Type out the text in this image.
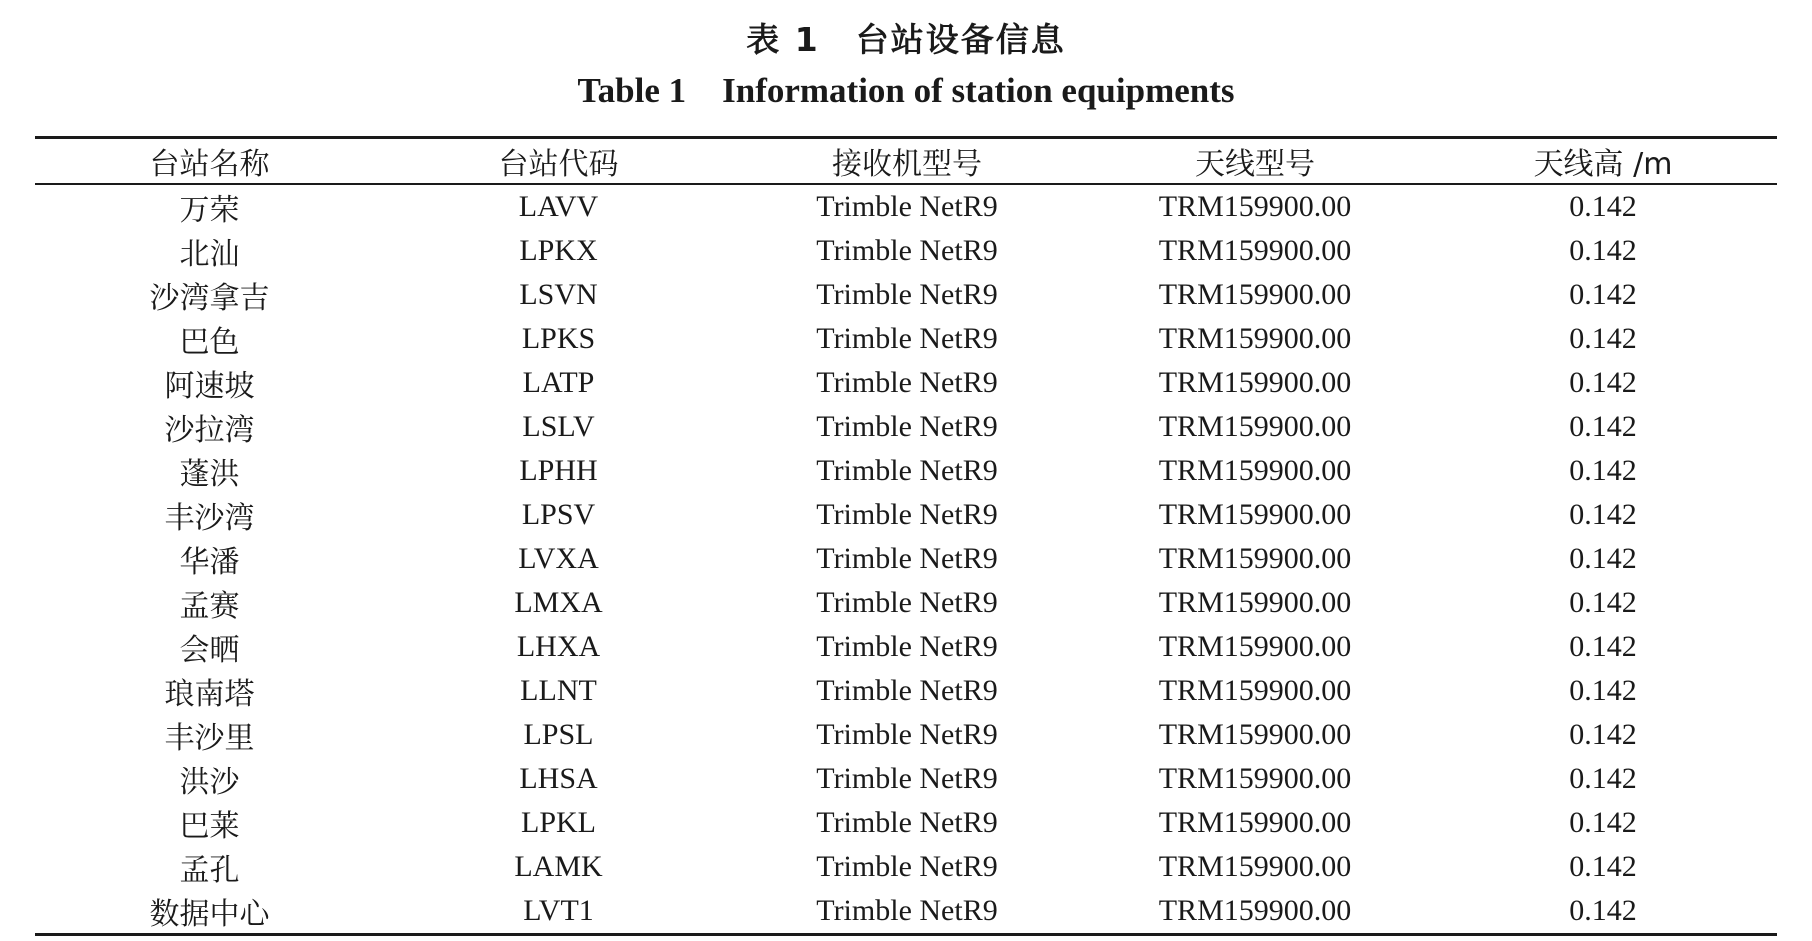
表 1 台站设备信息
Table 1 Information of station equipments
台站名称	台站代码	接收机型号	天线型号	天线高 /m
万荣	LAVV	Trimble NetR9	TRM159900.00	0.142
北汕	LPKX	Trimble NetR9	TRM159900.00	0.142
沙湾拿吉	LSVN	Trimble NetR9	TRM159900.00	0.142
巴色	LPKS	Trimble NetR9	TRM159900.00	0.142
阿速坡	LATP	Trimble NetR9	TRM159900.00	0.142
沙拉湾	LSLV	Trimble NetR9	TRM159900.00	0.142
蓬洪	LPHH	Trimble NetR9	TRM159900.00	0.142
丰沙湾	LPSV	Trimble NetR9	TRM159900.00	0.142
华潘	LVXA	Trimble NetR9	TRM159900.00	0.142
孟赛	LMXA	Trimble NetR9	TRM159900.00	0.142
会晒	LHXA	Trimble NetR9	TRM159900.00	0.142
琅南塔	LLNT	Trimble NetR9	TRM159900.00	0.142
丰沙里	LPSL	Trimble NetR9	TRM159900.00	0.142
洪沙	LHSA	Trimble NetR9	TRM159900.00	0.142
巴莱	LPKL	Trimble NetR9	TRM159900.00	0.142
孟孔	LAMK	Trimble NetR9	TRM159900.00	0.142
数据中心	LVT1	Trimble NetR9	TRM159900.00	0.142
